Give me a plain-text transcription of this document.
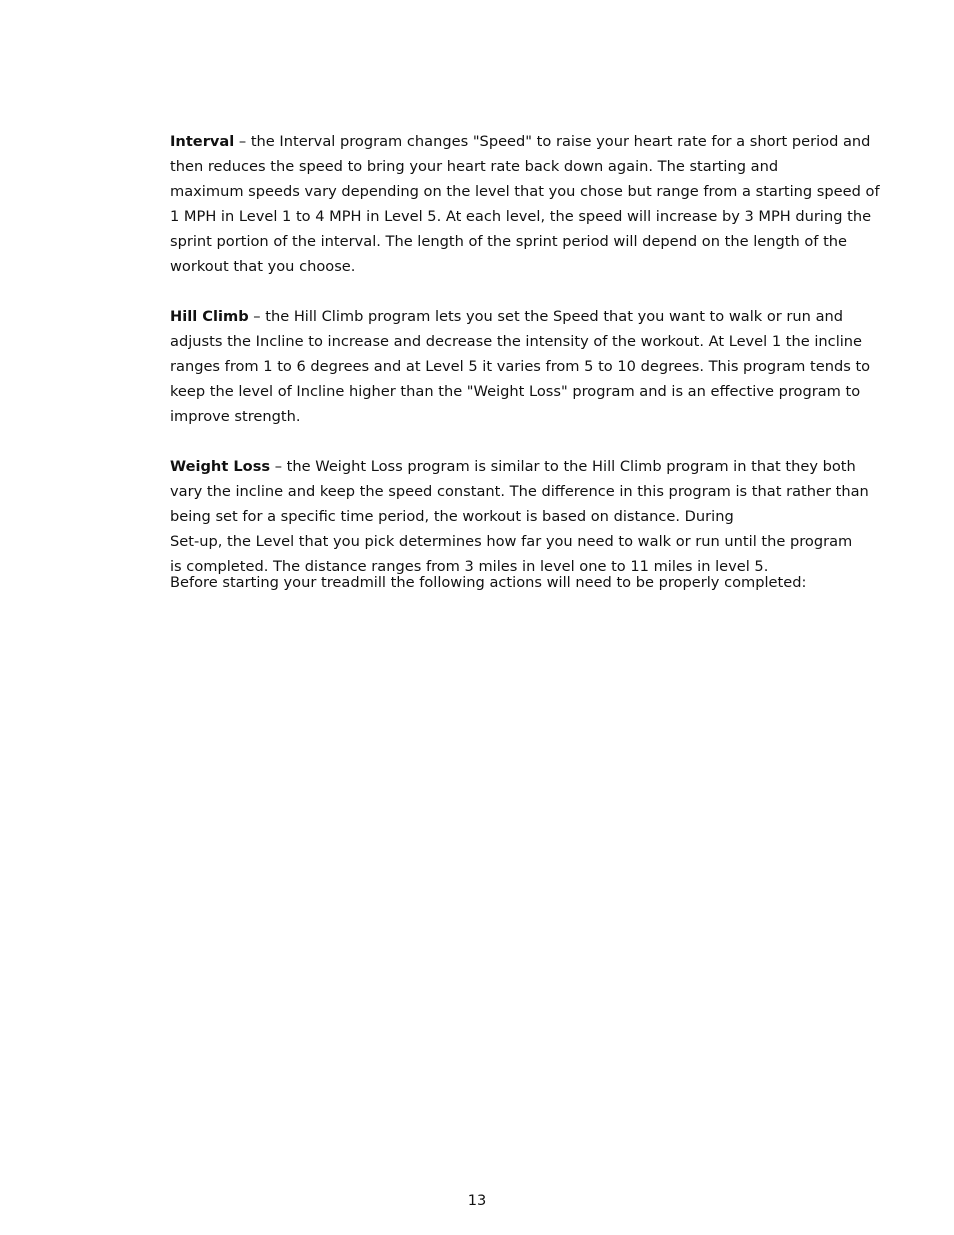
Interval – the Interval program changes "Speed" to raise your heart rate for a short period and
then reduces the speed to bring your heart rate back down again. The starting and
maximum speeds vary depending on the level that you chose but range from a starting speed of
1 MPH in Level 1 to 4 MPH in Level 5. At each level, the speed will increase by 3 MPH during the
sprint portion of the interval. The length of the sprint period will depend on the length of the
workout that you choose.

Hill Climb – the Hill Climb program lets you set the Speed that you want to walk or run and
adjusts the Incline to increase and decrease the intensity of the workout. At Level 1 the incline
ranges from 1 to 6 degrees and at Level 5 it varies from 5 to 10 degrees. This program tends to
keep the level of Incline higher than the "Weight Loss" program and is an effective program to
improve strength.

Weight Loss – the Weight Loss program is similar to the Hill Climb program in that they both
vary the incline and keep the speed constant. The difference in this program is that rather than
being set for a specific time period, the workout is based on distance. During
Set-up, the Level that you pick determines how far you need to walk or run until the program
is completed. The distance ranges from 3 miles in level one to 11 miles in level 5.

Before starting your treadmill the following actions will need to be properly completed:
13
